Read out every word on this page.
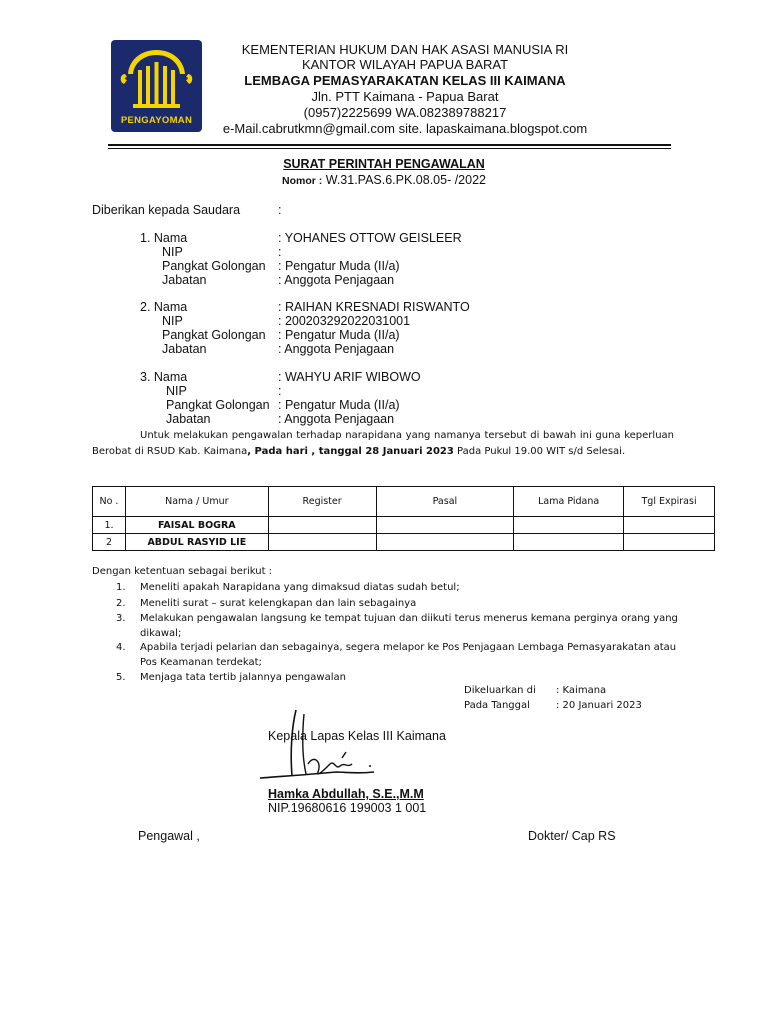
PENGAYOMAN
KEMENTERIAN HUKUM DAN HAK ASASI MANUSIA RI
KANTOR WILAYAH PAPUA BARAT
LEMBAGA PEMASYARAKATAN KELAS III KAIMANA
Jln. PTT Kaimana - Papua Barat
(0957)2225699 WA.082389788217
e-Mail.cabrutkmn@gmail.com site. lapaskaimana.blogspot.com
SURAT PERINTAH PENGAWALAN
Nomor : W.31.PAS.6.PK.08.05- /2022
Diberikan kepada Saudara	:
1. Nama	: YOHANES OTTOW GEISLEER
NIP	:
Pangkat Golongan : Pengatur Muda (II/a)
Jabatan	: Anggota Penjagaan
2. Nama	: RAIHAN KRESNADI RISWANTO
NIP	: 200203292022031001
Pangkat Golongan : Pengatur Muda (II/a)
Jabatan	: Anggota Penjagaan
3. Nama	: WAHYU ARIF WIBOWO
NIP	:
Pangkat Golongan : Pengatur Muda (II/a)
Jabatan	: Anggota Penjagaan
Untuk melakukan pengawalan terhadap narapidana yang namanya tersebut di bawah ini guna keperluan Berobat di RSUD Kab. Kaimana, Pada hari , tanggal 28 Januari 2023 Pada Pukul 19.00 WIT s/d Selesai.
No .	Nama / Umur	Register	Pasal	Lama Pidana	Tgl Expirasi
1.	FAISAL BOGRA				
2	ABDUL RASYID LIE				
Dengan ketentuan sebagai berikut :
1. Meneliti apakah Narapidana yang dimaksud diatas sudah betul;
2. Meneliti surat – surat kelengkapan dan lain sebagainya
3. Melakukan pengawalan langsung ke tempat tujuan dan diikuti terus menerus kemana perginya orang yang dikawal;
4. Apabila terjadi pelarian dan sebagainya, segera melapor ke Pos Penjagaan Lembaga Pemasyarakatan atau Pos Keamanan terdekat;
5. Menjaga tata tertib jalannya pengawalan
Dikeluarkan di : Kaimana
Pada Tanggal	: 20 Januari 2023
Kepala Lapas Kelas III Kaimana
Hamka Abdullah, S.E.,M.M
NIP.19680616 199003 1 001
Pengawal ,	Dokter/ Cap RS
